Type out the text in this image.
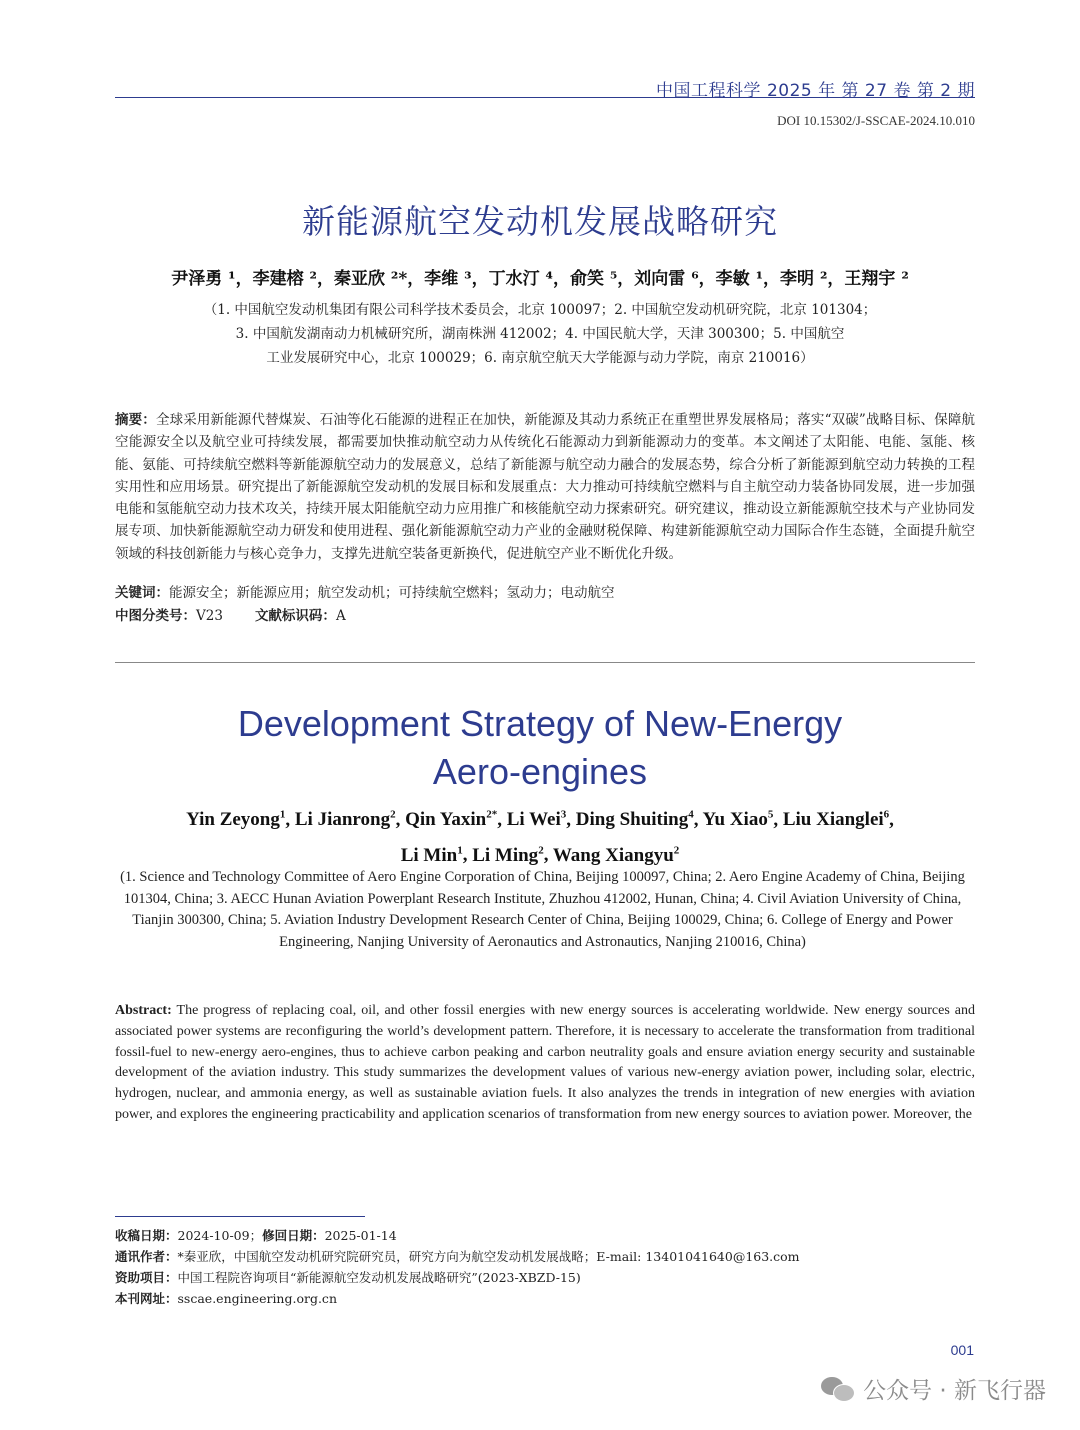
中国工程科学 2025 年 第 27 卷 第 2 期
DOI 10.15302/J-SSCAE-2024.10.010
新能源航空发动机发展战略研究
尹泽勇 ¹，李建榕 ²，秦亚欣 ²*，李维 ³，丁水汀 ⁴，俞笑 ⁵，刘向雷 ⁶，李敏 ¹，李明 ²，王翔宇 ²
（1. 中国航空发动机集团有限公司科学技术委员会，北京 100097；2. 中国航空发动机研究院，北京 101304；
3. 中国航发湖南动力机械研究所，湖南株洲 412002；4. 中国民航大学，天津 300300；5. 中国航空
工业发展研究中心，北京 100029；6. 南京航空航天大学能源与动力学院，南京 210016）
摘要：全球采用新能源代替煤炭、石油等化石能源的进程正在加快，新能源及其动力系统正在重塑世界发展格局；落实“双碳”战略目标、保障航空能源安全以及航空业可持续发展，都需要加快推动航空动力从传统化石能源动力到新能源动力的变革。本文阐述了太阳能、电能、氢能、核能、氨能、可持续航空燃料等新能源航空动力的发展意义，总结了新能源与航空动力融合的发展态势，综合分析了新能源到航空动力转换的工程实用性和应用场景。研究提出了新能源航空发动机的发展目标和发展重点：大力推动可持续航空燃料与自主航空动力装备协同发展，进一步加强电能和氢能航空动力技术攻关，持续开展太阳能航空动力应用推广和核能航空动力探索研究。研究建议，推动设立新能源航空技术与产业协同发展专项、加快新能源航空动力研发和使用进程、强化新能源航空动力产业的金融财税保障、构建新能源航空动力国际合作生态链，全面提升航空领域的科技创新能力与核心竞争力，支撑先进航空装备更新换代，促进航空产业不断优化升级。
关键词：能源安全；新能源应用；航空发动机；可持续航空燃料；氢动力；电动航空
中图分类号：V23 文献标识码：A
Development Strategy of New-Energy
Aero-engines
Yin Zeyong$^1$, Li Jianrong$^2$, Qin Yaxin$^{2*}$, Li Wei$^3$, Ding Shuiting$^4$, Yu Xiao$^5$, Liu Xianglei$^6$,
Li Min$^1$, Li Ming$^2$, Wang Xiangyu$^2$
(1. Science and Technology Committee of Aero Engine Corporation of China, Beijing 100097, China; 2. Aero Engine Academy of China, Beijing 101304, China; 3. AECC Hunan Aviation Powerplant Research Institute, Zhuzhou 412002, Hunan, China; 4. Civil Aviation University of China, Tianjin 300300, China; 5. Aviation Industry Development Research Center of China, Beijing 100029, China; 6. College of Energy and Power Engineering, Nanjing University of Aeronautics and Astronautics, Nanjing 210016, China)
Abstract: The progress of replacing coal, oil, and other fossil energies with new energy sources is accelerating worldwide. New energy sources and associated power systems are reconfiguring the world’s development pattern. Therefore, it is necessary to accelerate the transformation from traditional fossil-fuel to new-energy aero-engines, thus to achieve carbon peaking and carbon neutrality goals and ensure aviation energy security and sustainable development of the aviation industry. This study summarizes the development values of various new-energy aviation power, including solar, electric, hydrogen, nuclear, and ammonia energy, as well as sustainable aviation fuels. It also analyzes the trends in integration of new energies with aviation power, and explores the engineering practicability and application scenarios of transformation from new energy sources to aviation power. Moreover, the
收稿日期：2024-10-09；修回日期：2025-01-14
通讯作者：*秦亚欣，中国航空发动机研究院研究员，研究方向为航空发动机发展战略；E-mail: 13401041640@163.com
资助项目：中国工程院咨询项目“新能源航空发动机发展战略研究”(2023-XBZD-15)
本刊网址：sscae.engineering.org.cn
001
公众号 · 新飞行器
